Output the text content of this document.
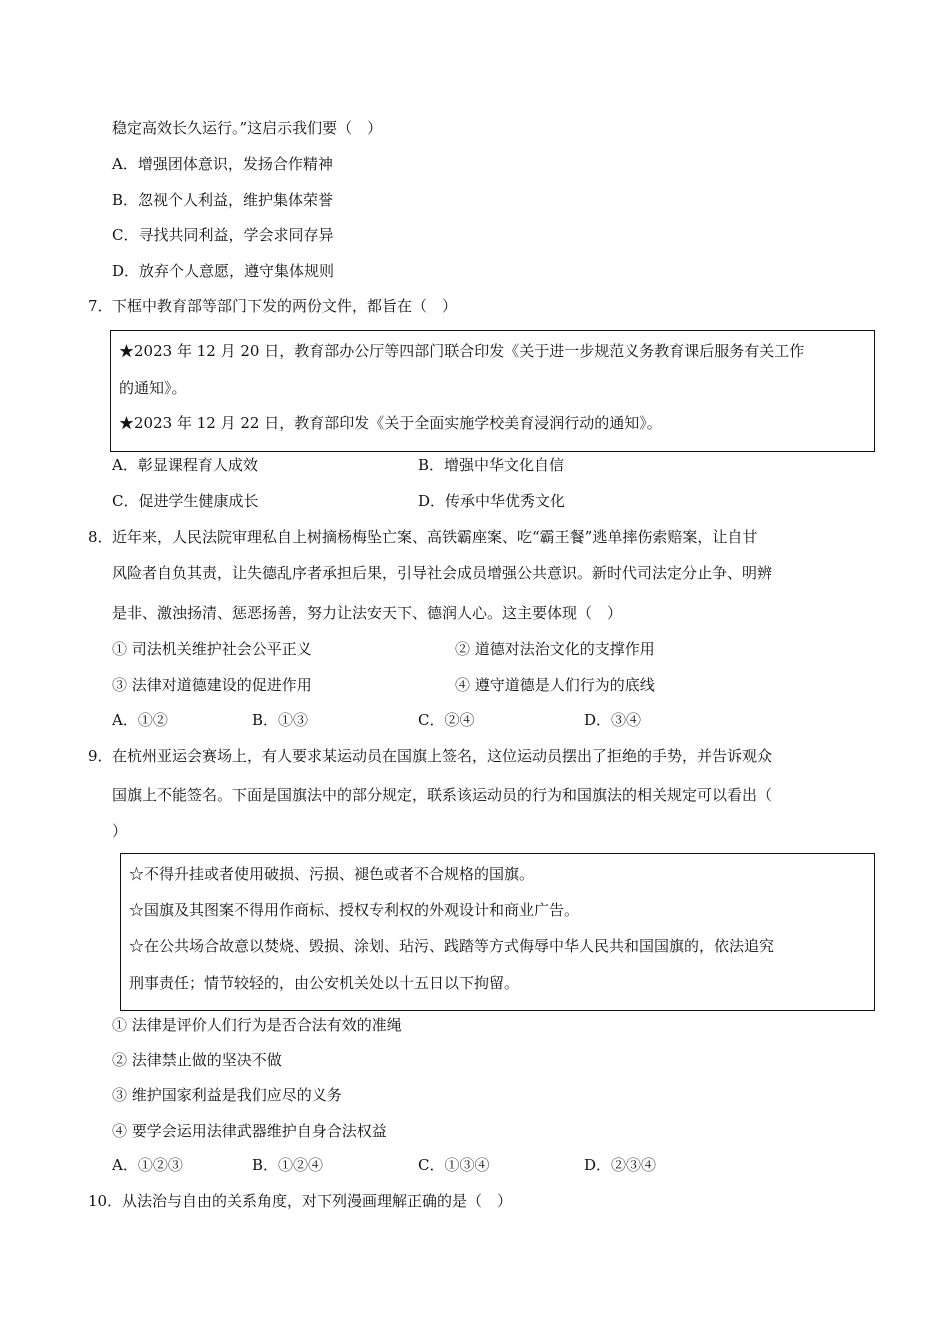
稳定高效长久运行。”这启示我们要（　）
A．增强团体意识，发扬合作精神
B．忽视个人利益，维护集体荣誉
C．寻找共同利益，学会求同存异
D．放弃个人意愿，遵守集体规则
7． 下框中教育部等部门下发的两份文件，都旨在（　）
★2023 年 12 月 20 日，教育部办公厅等四部门联合印发《关于进一步规范义务教育课后服务有关工作
的通知》。
★2023 年 12 月 22 日，教育部印发《关于全面实施学校美育浸润行动的通知》。
A．彰显课程育人成效	B．增强中华文化自信
C．促进学生健康成长	D．传承中华优秀文化
8． 近年来，人民法院审理私自上树摘杨梅坠亡案、高铁霸座案、吃“霸王餐”逃单摔伤索赔案，让自甘
风险者自负其责，让失德乱序者承担后果，引导社会成员增强公共意识。新时代司法定分止争、明辨
是非、激浊扬清、惩恶扬善，努力让法安天下、德润人心。这主要体现（　）
① 司法机关维护社会公平正义	② 道德对法治文化的支撑作用
③ 法律对道德建设的促进作用	④ 遵守道德是人们行为的底线
A．①②	B．①③	C．②④	D．③④
9． 在杭州亚运会赛场上，有人要求某运动员在国旗上签名，这位运动员摆出了拒绝的手势，并告诉观众
国旗上不能签名。下面是国旗法中的部分规定，联系该运动员的行为和国旗法的相关规定可以看出（
）
☆不得升挂或者使用破损、污损、褪色或者不合规格的国旗。
☆国旗及其图案不得用作商标、授权专利权的外观设计和商业广告。
☆在公共场合故意以焚烧、毁损、涂划、玷污、践踏等方式侮辱中华人民共和国国旗的，依法追究
刑事责任；情节较轻的，由公安机关处以十五日以下拘留。
① 法律是评价人们行为是否合法有效的准绳
② 法律禁止做的坚决不做
③ 维护国家利益是我们应尽的义务
④ 要学会运用法律武器维护自身合法权益
A．①②③	B．①②④	C．①③④	D．②③④
10． 从法治与自由的关系角度，对下列漫画理解正确的是（　）
